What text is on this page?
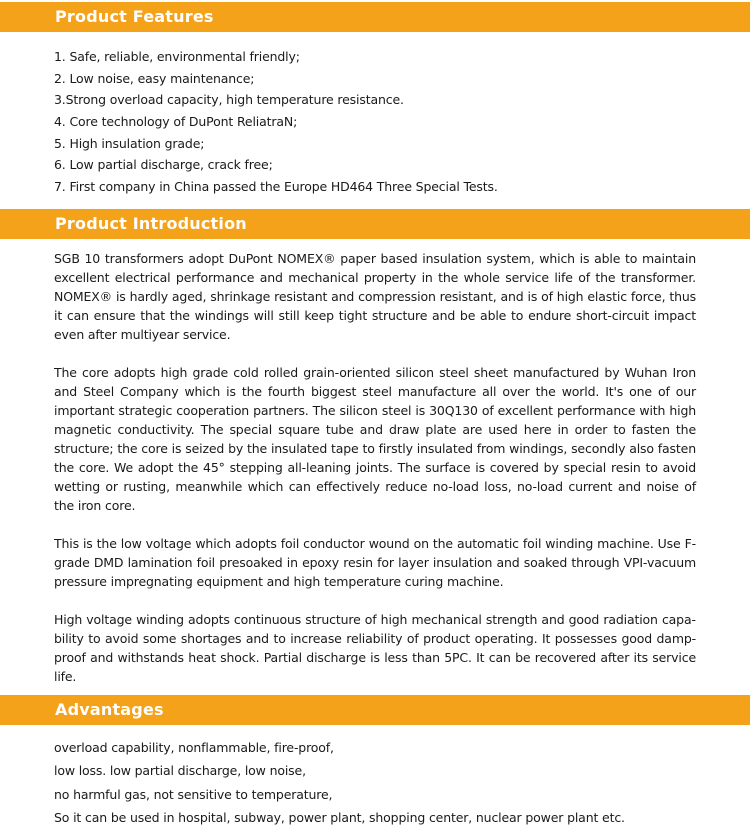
Product Features
1. Safe, reliable, environmental friendly;
2. Low noise, easy maintenance;
3.Strong overload capacity, high temperature resistance.
4. Core technology of DuPont ReliatraN;
5. High insulation grade;
6. Low partial discharge, crack free;
7. First company in China passed the Europe HD464 Three Special Tests.
Product Introduction

SGB 10 transformers adopt DuPont NOMEX® paper based insulation system, which is able to maintain excellent electrical performance and mechanical property in the whole service life of the transformer. NOMEX® is hardly aged, shrinkage resistant and compression resistant, and is of high elastic force, thus it can ensure that the windings will still keep tight structure and be able to endure short-circuit impact even after multiyear service.

The core adopts high grade cold rolled grain-oriented silicon steel sheet manufactured by Wuhan Iron and Steel Company which is the fourth biggest steel manufacture all over the world. It's one of our important strategic cooperation partners. The silicon steel is 30Q130 of excellent performance with high magnetic conductivity. The special square tube and draw plate are used here in order to fasten the structure; the core is seized by the insulated tape to firstly insulated from windings, secondly also fasten the core. We adopt the 45° stepping all-leaning joints. The surface is covered by special resin to avoid wetting or rusting, meanwhile which can effectively reduce no-load loss, no-load current and noise of the iron core.

This is the low voltage which adopts foil conductor wound on the automatic foil winding machine. Use F-grade DMD lamination foil presoaked in epoxy resin for layer insulation and soaked through VPI-vacuum pressure impregnating equipment and high temperature curing machine.

High voltage winding adopts continuous structure of high mechanical strength and good radiation capability to avoid some shortages and to increase reliability of product operating. It possesses good damp-proof and withstands heat shock. Partial discharge is less than 5PC. It can be recovered after its service life.

Advantages
overload capability, nonflammable, fire-proof,
low loss. low partial discharge, low noise,
no harmful gas, not sensitive to temperature,
So it can be used in hospital, subway, power plant, shopping center, nuclear power plant etc.
